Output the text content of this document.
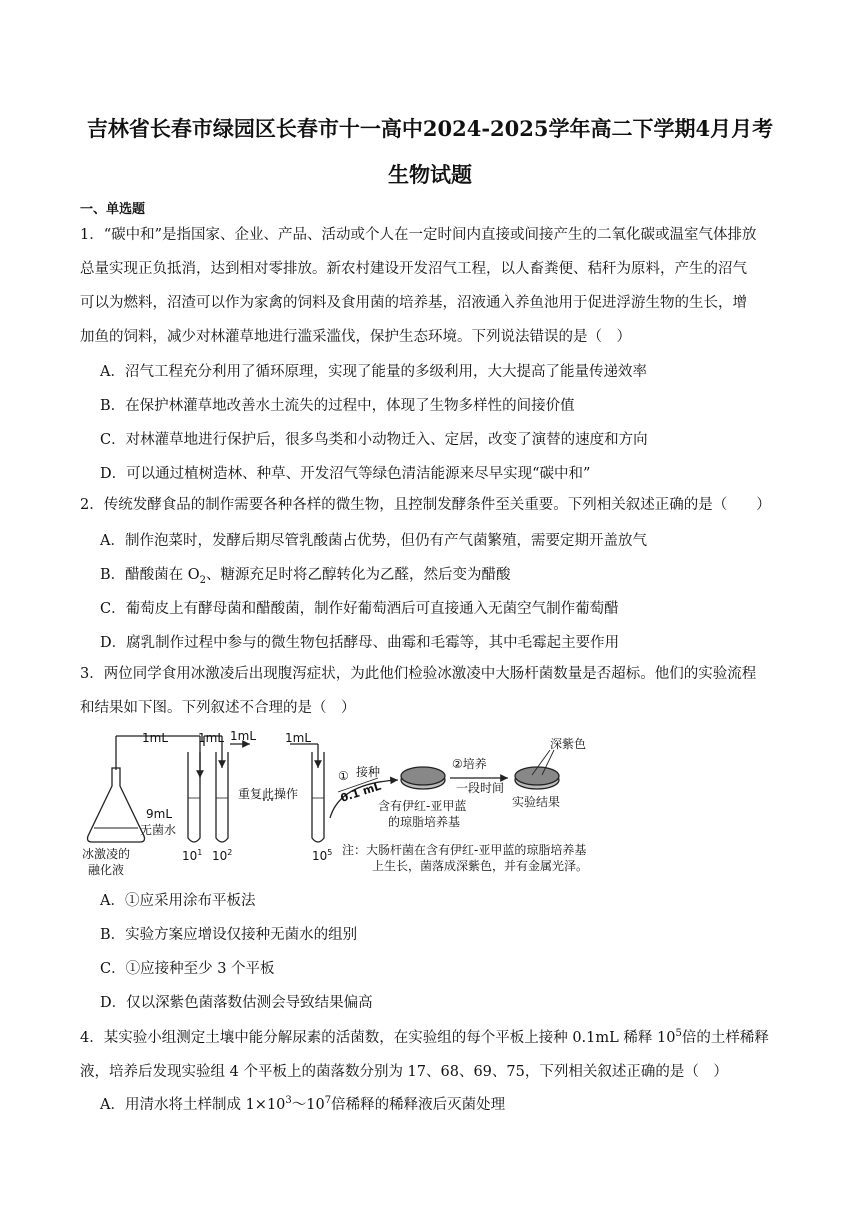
吉林省长春市绿园区长春市十一高中2024-2025学年高二下学期4月月考
生物试题
一、单选题
1．“碳中和”是指国家、企业、产品、活动或个人在一定时间内直接或间接产生的二氧化碳或温室气体排放
总量实现正负抵消，达到相对零排放。新农村建设开发沼气工程，以人畜粪便、秸秆为原料，产生的沼气
可以为燃料，沼渣可以作为家禽的饲料及食用菌的培养基，沼液通入养鱼池用于促进浮游生物的生长，增
加鱼的饲料，减少对林灌草地进行滥采滥伐，保护生态环境。下列说法错误的是（　）
A．沼气工程充分利用了循环原理，实现了能量的多级利用，大大提高了能量传递效率
B．在保护林灌草地改善水土流失的过程中，体现了生物多样性的间接价值
C．对林灌草地进行保护后，很多鸟类和小动物迁入、定居，改变了演替的速度和方向
D．可以通过植树造林、种草、开发沼气等绿色清洁能源来尽早实现“碳中和”
2．传统发酵食品的制作需要各种各样的微生物，且控制发酵条件至关重要。下列相关叙述正确的是（　　）
A．制作泡菜时，发酵后期尽管乳酸菌占优势，但仍有产气菌繁殖，需要定期开盖放气
B．醋酸菌在 $O_2$、糖源充足时将乙醇转化为乙醛，然后变为醋酸
C．葡萄皮上有酵母菌和醋酸菌，制作好葡萄酒后可直接通入无菌空气制作葡萄醋
D．腐乳制作过程中参与的微生物包括酵母、曲霉和毛霉等，其中毛霉起主要作用
3．两位同学食用冰激凌后出现腹泻症状，为此他们检验冰激凌中大肠杆菌数量是否超标。他们的实验流程
和结果如下图。下列叙述不合理的是（　）
1mL 1mL 1mL 1mL
9mL
无菌水
冰激凌的
融化液
$10^1$ $10^2$	$10^5$
重复此操作
① 接种
0.1 mL
②培养
一段时间
含有伊红-亚甲蓝
的琼脂培养基
深紫色
实验结果
注：大肠杆菌在含有伊红-亚甲蓝的琼脂培养基
上生长，菌落成深紫色，并有金属光泽。
A．①应采用涂布平板法
B．实验方案应增设仅接种无菌水的组别
C．①应接种至少 3 个平板
D．仅以深紫色菌落数估测会导致结果偏高
4．某实验小组测定土壤中能分解尿素的活菌数，在实验组的每个平板上接种 0.1mL 稀释 $10^5$倍的土样稀释
液，培养后发现实验组 4 个平板上的菌落数分别为 17、68、69、75，下列相关叙述正确的是（　）
A．用清水将土样制成 $1\times 10^3\sim 10^7$倍稀释的稀释液后灭菌处理
